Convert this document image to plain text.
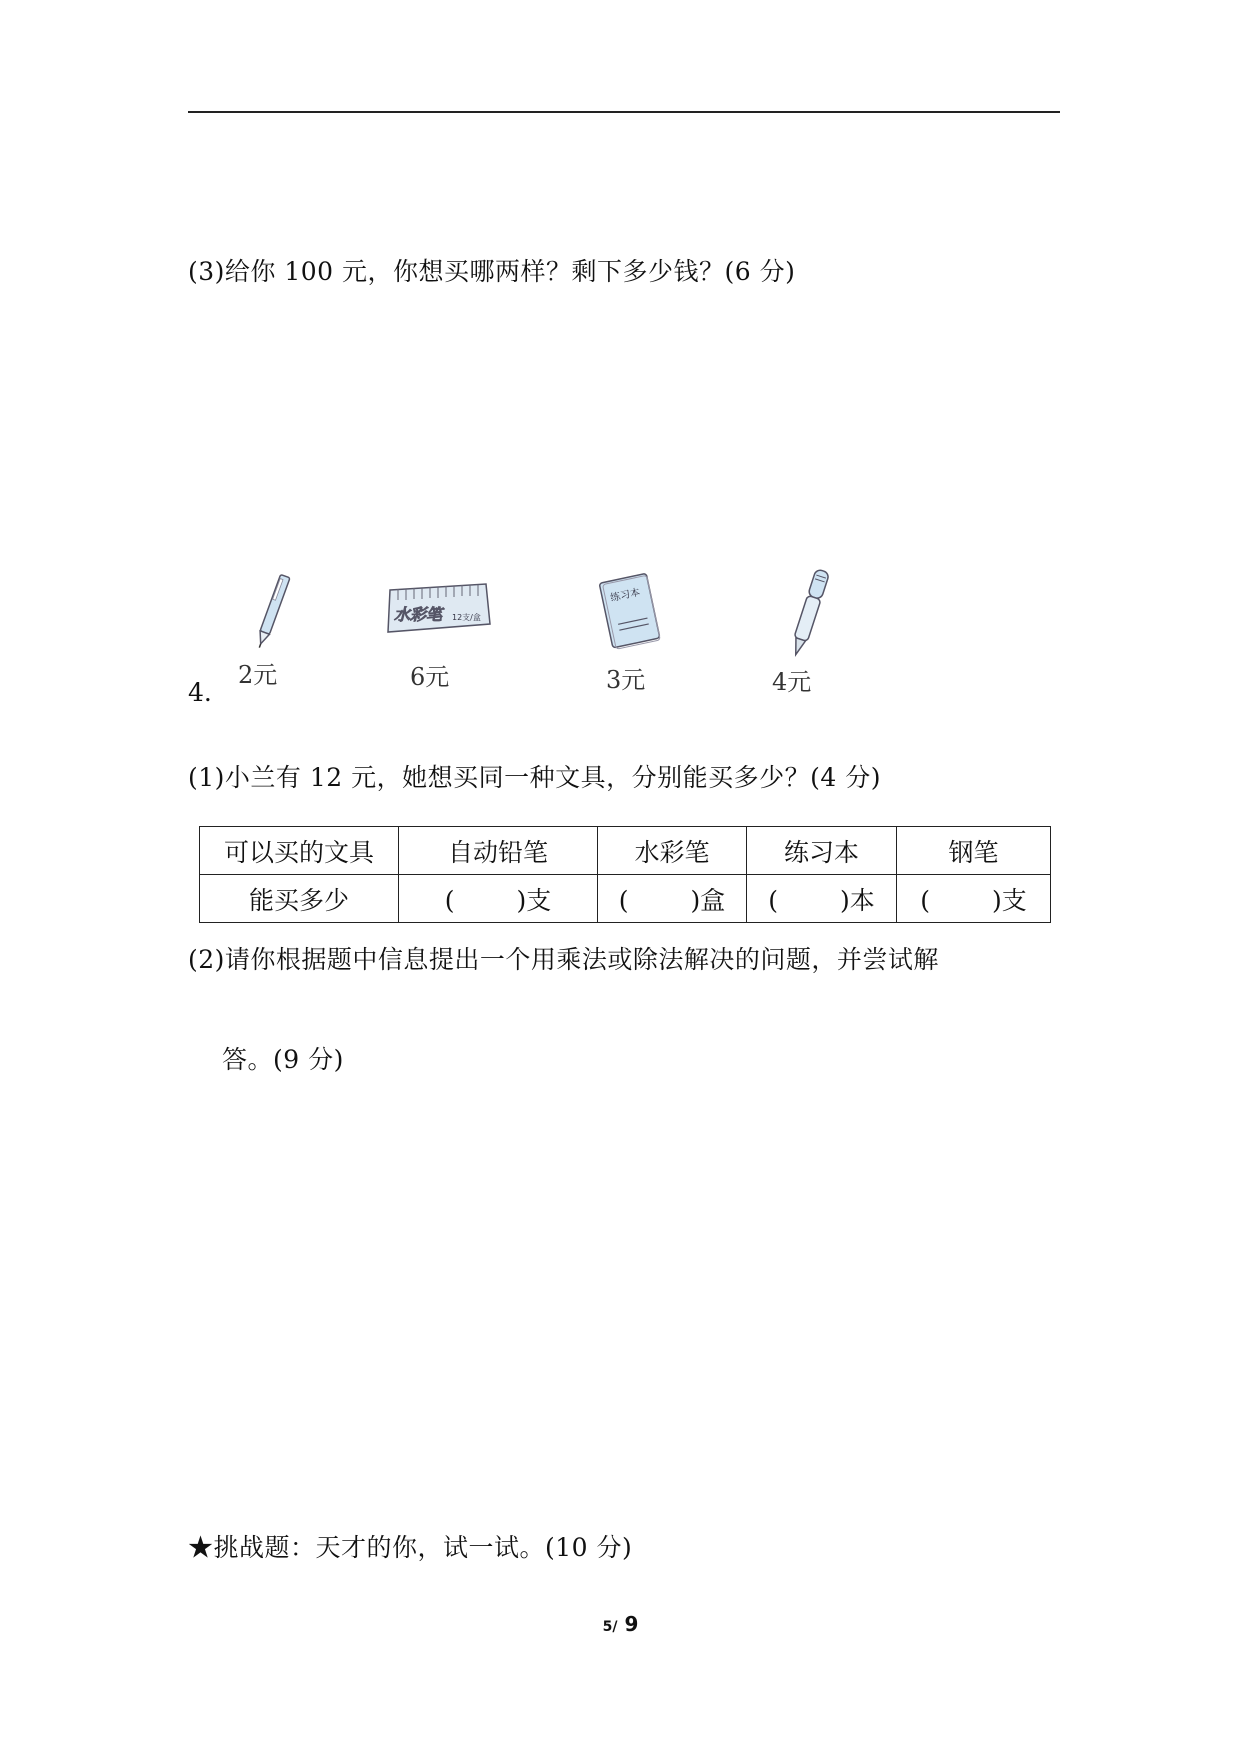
(3)给你 100 元，你想买哪两样？剩下多少钱？(6 分)
4.
2元
水彩笔	12支/盒
6元
练习本
3元	4元
(1)小兰有 12 元，她想买同一种文具，分别能买多少？(4 分)
可以买的文具	自动铅笔	水彩笔	练习本	钢笔
能买多少	( )支	( )盒	( )本	( )支
(2)请你根据题中信息提出一个用乘法或除法解决的问题，并尝试解
答。(9 分)
★挑战题：天才的你，试一试。(10 分)
5/ 9
